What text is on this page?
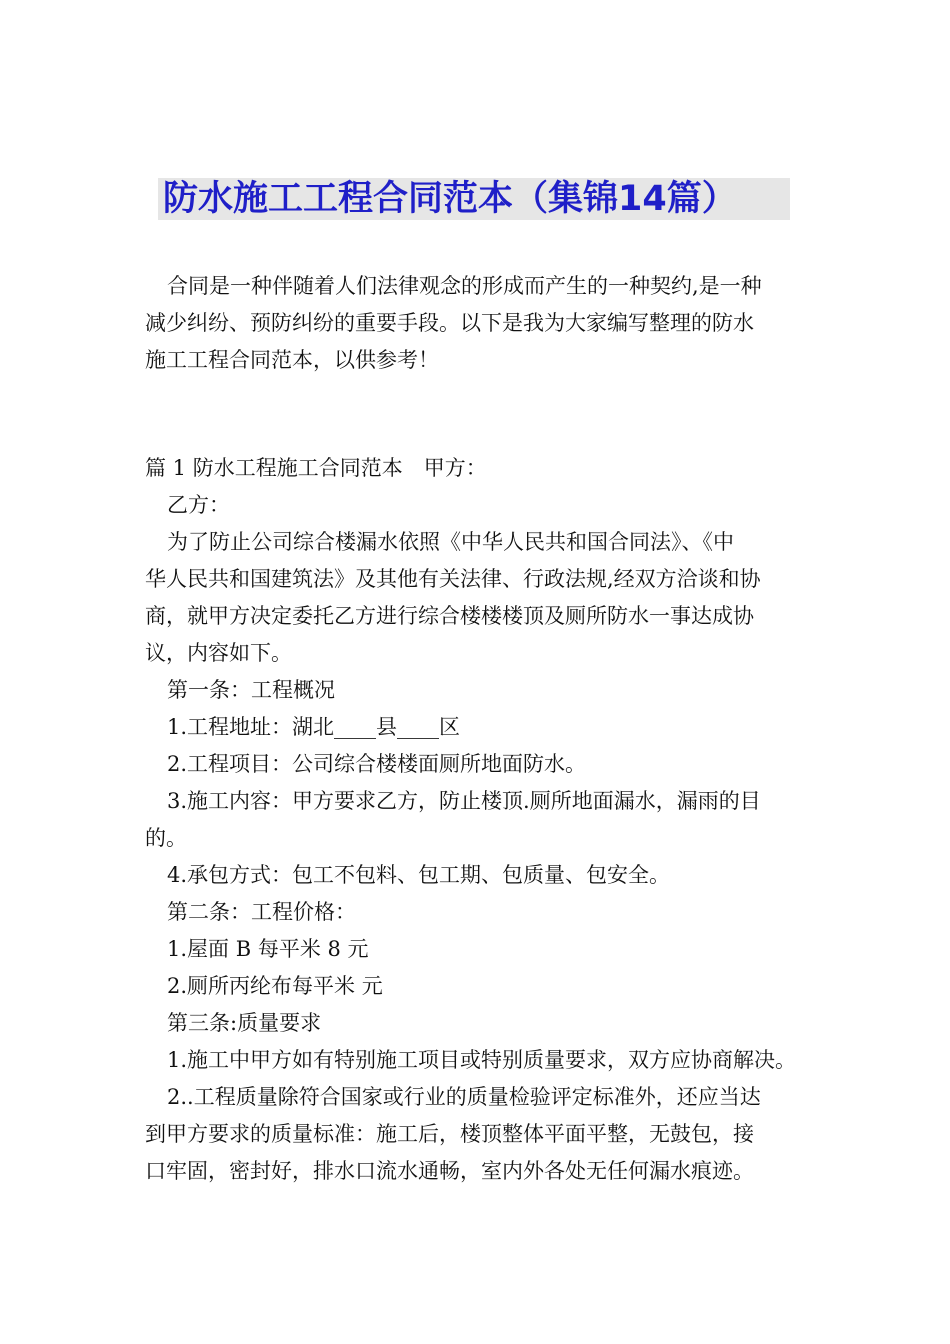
防水施工工程合同范本（集锦14篇）
合同是一种伴随着人们法律观念的形成而产生的一种契约,是一种
减少纠纷、预防纠纷的重要手段。以下是我为大家编写整理的防水
施工工程合同范本，以供参考！
篇 1 防水工程施工合同范本　甲方：
乙方：
为了防止公司综合楼漏水依照《中华人民共和国合同法》、《中
华人民共和国建筑法》及其他有关法律、行政法规,经双方洽谈和协
商，就甲方决定委托乙方进行综合楼楼楼顶及厕所防水一事达成协
议，内容如下。
第一条：工程概况
1.工程地址：湖北____县____区
2.工程项目：公司综合楼楼面厕所地面防水。
3.施工内容：甲方要求乙方，防止楼顶.厕所地面漏水，漏雨的目
的。
4.承包方式：包工不包料、包工期、包质量、包安全。
第二条：工程价格：
1.屋面 B 每平米 8 元
2.厕所丙纶布每平米 元
第三条:质量要求
1.施工中甲方如有特别施工项目或特别质量要求，双方应协商解决。
2..工程质量除符合国家或行业的质量检验评定标准外，还应当达
到甲方要求的质量标准：施工后，楼顶整体平面平整，无鼓包，接
口牢固，密封好，排水口流水通畅，室内外各处无任何漏水痕迹。
